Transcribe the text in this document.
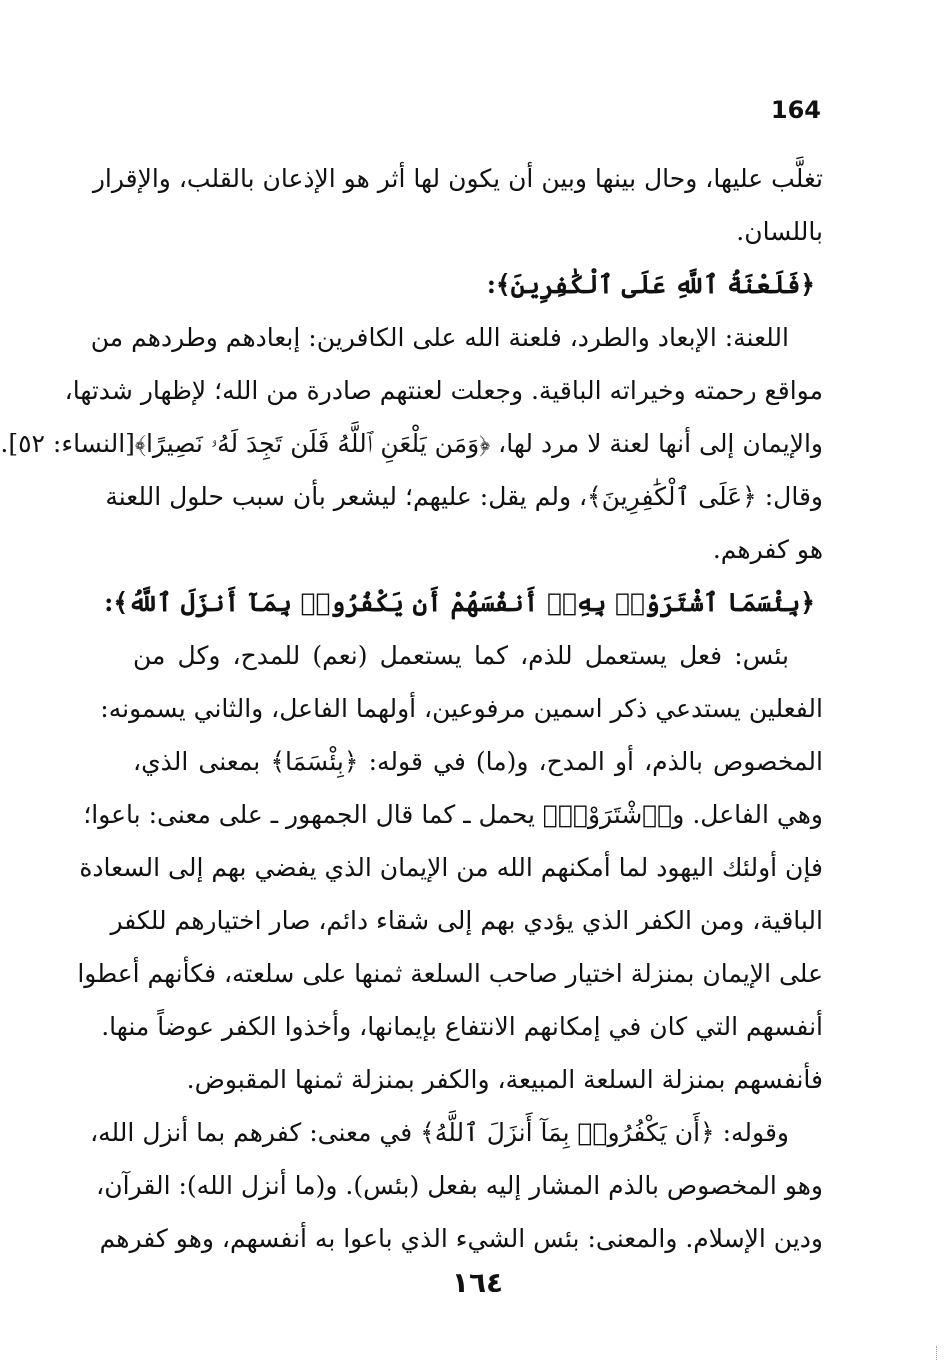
164
تغلَّب عليها، وحال بينها وبين أن يكون لها أثر هو الإذعان بالقلب، والإقرار
باللسان.
﴿فَلَعْنَةُ ٱللَّهِ عَلَى ٱلْكَٰفِرِينَ﴾:
اللعنة: الإبعاد والطرد، فلعنة الله على الكافرين: إبعادهم وطردهم من
مواقع رحمته وخيراته الباقية. وجعلت لعنتهم صادرة من الله؛ لإظهار شدتها،
والإيمان إلى أنها لعنة لا مرد لها، ﴿وَمَن يَلْعَنِ ٱللَّهُ فَلَن تَجِدَ لَهُۥ نَصِيرًا﴾[النساء: ٥٢].
وقال: ﴿عَلَى ٱلْكَٰفِرِينَ﴾، ولم يقل: عليهم؛ ليشعر بأن سبب حلول اللعنة
هو كفرهم.
﴿بِئْسَمَا ٱشْتَرَوْا۟ بِهِۦٓ أَنفُسَهُمْ أَن يَكْفُرُوا۟ بِمَآ أَنزَلَ ٱللَّهُ﴾:
بئس: فعل يستعمل للذم، كما يستعمل (نعم) للمدح، وكل من
الفعلين يستدعي ذكر اسمين مرفوعين، أولهما الفاعل، والثاني يسمونه:
المخصوص بالذم، أو المدح، و(ما) في قوله: ﴿بِئْسَمَا﴾ بمعنى الذي،
وهي الفاعل. و﴿ٱشْتَرَوْا۟﴾ يحمل ـ كما قال الجمهور ـ على معنى: باعوا؛
فإن أولئك اليهود لما أمكنهم الله من الإيمان الذي يفضي بهم إلى السعادة
الباقية، ومن الكفر الذي يؤدي بهم إلى شقاء دائم، صار اختيارهم للكفر
على الإيمان بمنزلة اختيار صاحب السلعة ثمنها على سلعته، فكأنهم أعطوا
أنفسهم التي كان في إمكانهم الانتفاع بإيمانها، وأخذوا الكفر عوضاً منها.
فأنفسهم بمنزلة السلعة المبيعة، والكفر بمنزلة ثمنها المقبوض.
وقوله: ﴿أَن يَكْفُرُوا۟ بِمَآ أَنزَلَ ٱللَّهُ﴾ في معنى: كفرهم بما أنزل الله،
وهو المخصوص بالذم المشار إليه بفعل (بئس). و(ما أنزل الله): القرآن،
ودين الإسلام. والمعنى: بئس الشيء الذي باعوا به أنفسهم، وهو كفرهم
١٦٤
